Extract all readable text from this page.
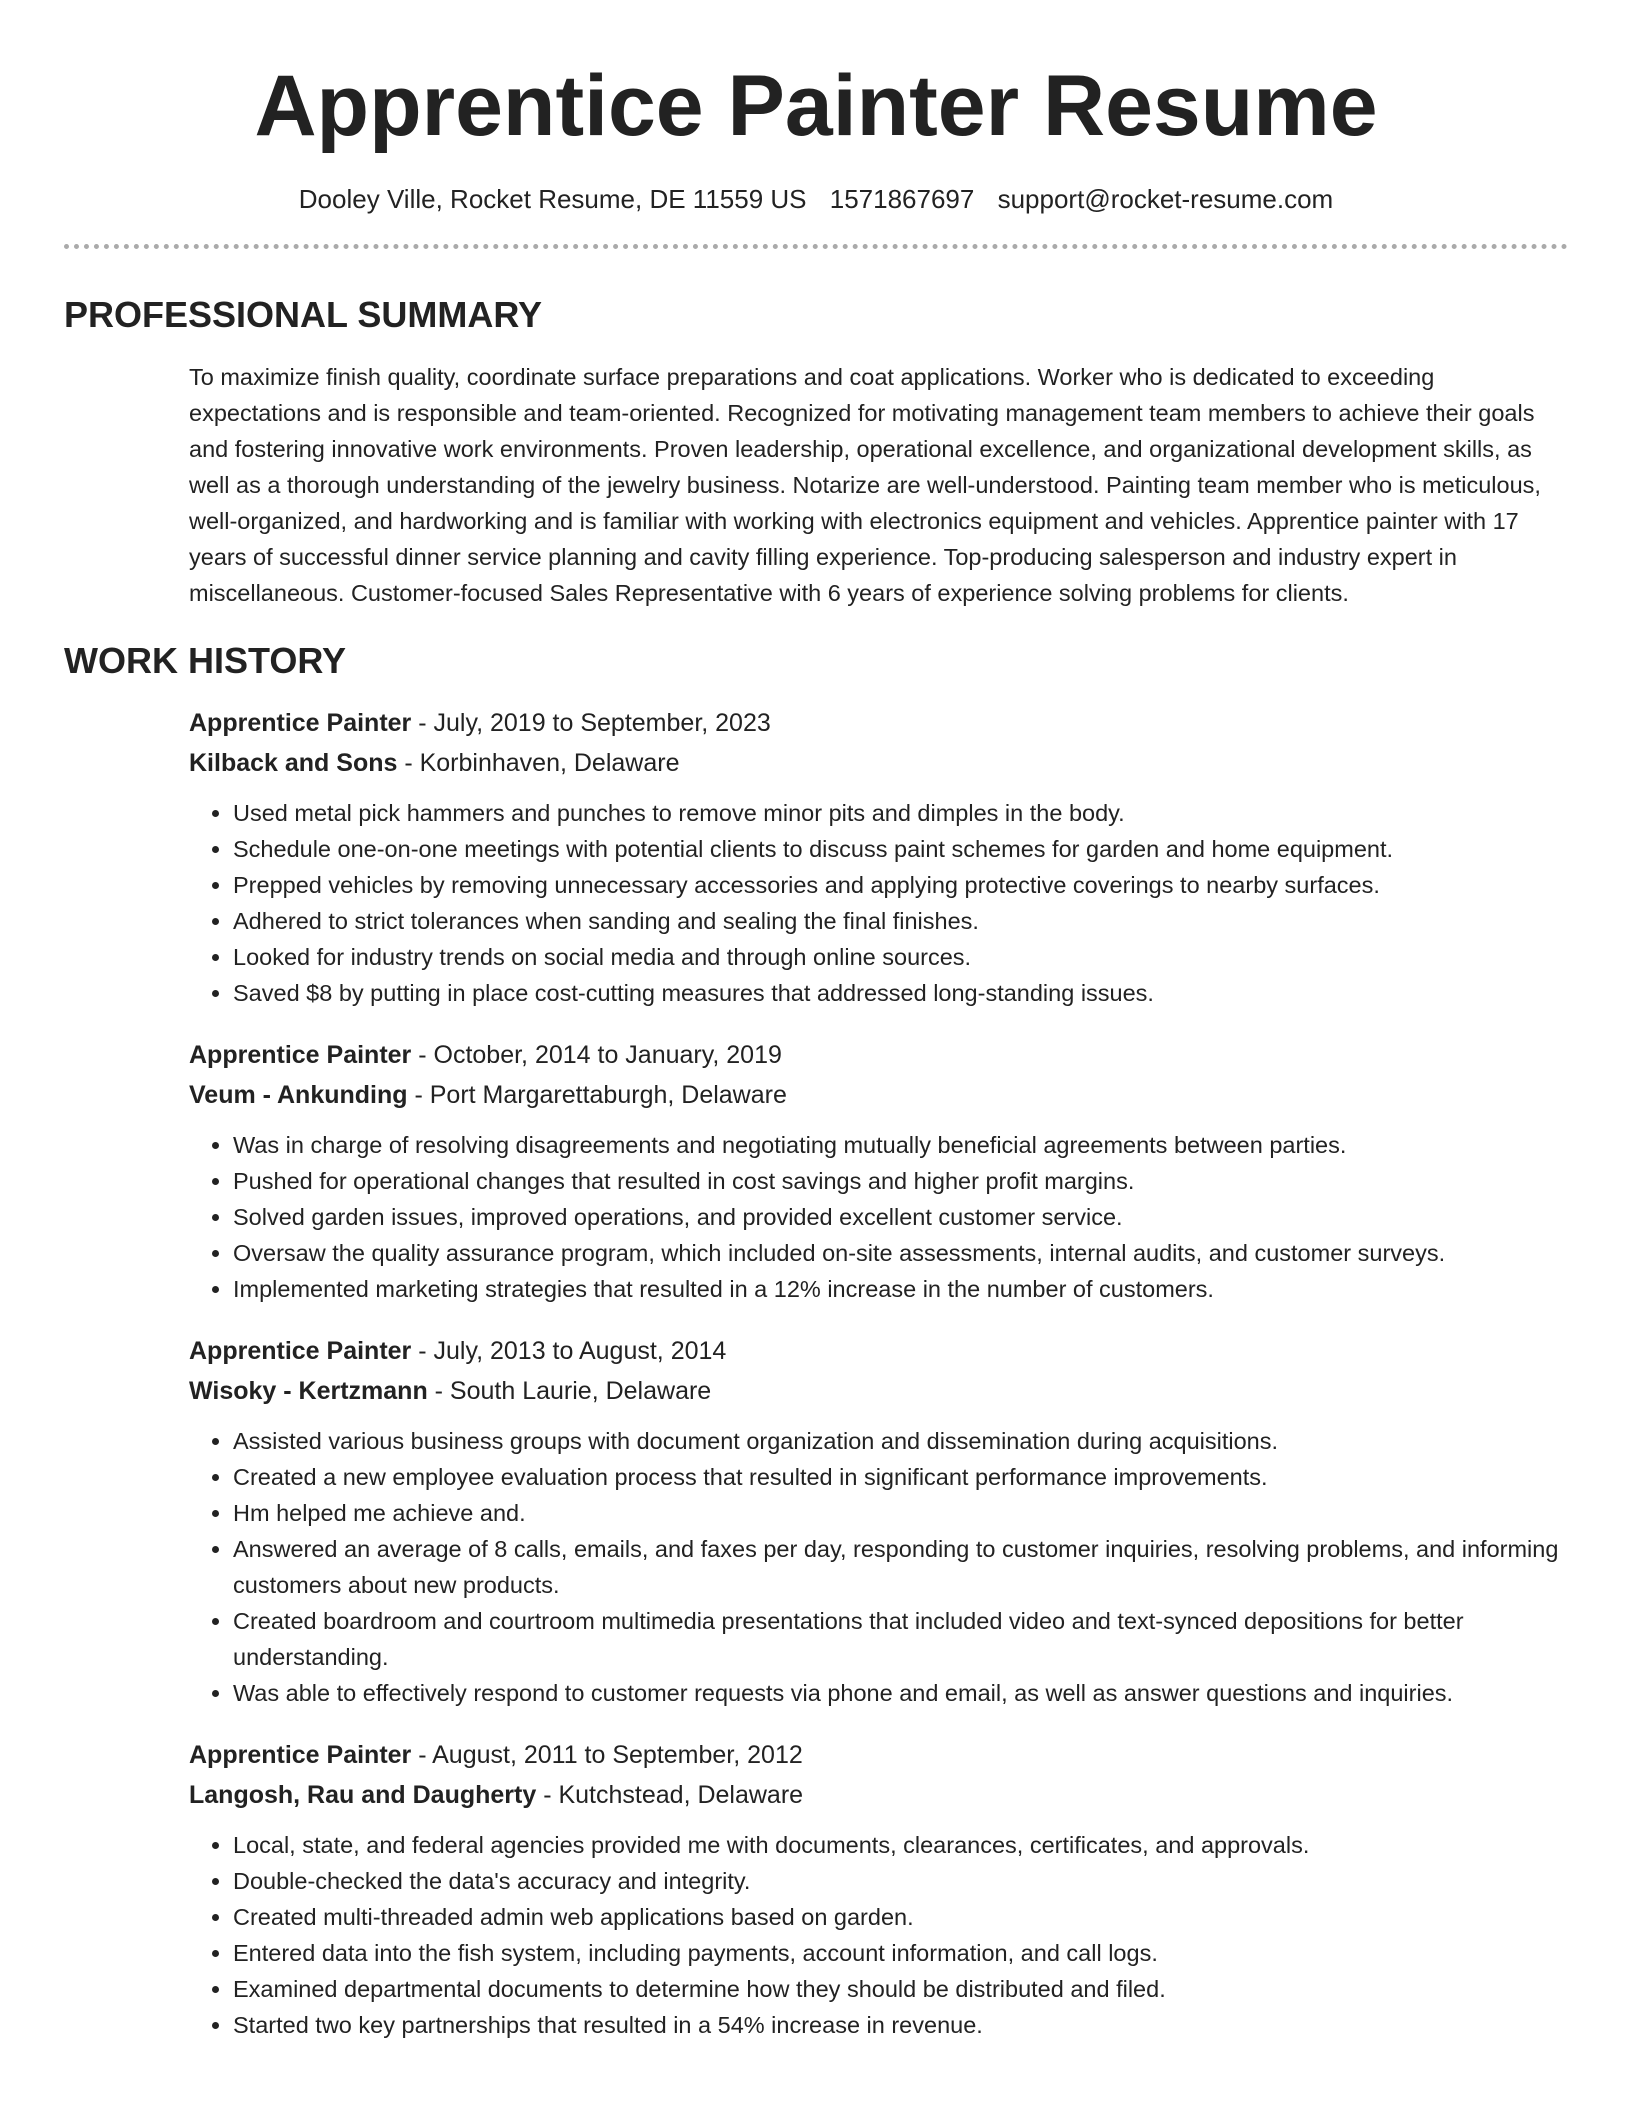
Apprentice Painter Resume
Dooley Ville, Rocket Resume, DE 11559 US 1571867697 support@rocket-resume.com
PROFESSIONAL SUMMARY

To maximize finish quality, coordinate surface preparations and coat applications. Worker who is dedicated to exceeding expectations and is responsible and team-oriented. Recognized for motivating management team members to achieve their goals and fostering innovative work environments. Proven leadership, operational excellence, and organizational development skills, as well as a thorough understanding of the jewelry business. Notarize are well-understood. Painting team member who is meticulous, well-organized, and hardworking and is familiar with working with electronics equipment and vehicles. Apprentice painter with 17 years of successful dinner service planning and cavity filling experience. Top-producing salesperson and industry expert in miscellaneous. Customer-focused Sales Representative with 6 years of experience solving problems for clients.

WORK HISTORY
Apprentice Painter - July, 2019 to September, 2023
Kilback and Sons - Korbinhaven, Delaware
• Used metal pick hammers and punches to remove minor pits and dimples in the body.
• Schedule one-on-one meetings with potential clients to discuss paint schemes for garden and home equipment.
• Prepped vehicles by removing unnecessary accessories and applying protective coverings to nearby surfaces.
• Adhered to strict tolerances when sanding and sealing the final finishes.
• Looked for industry trends on social media and through online sources.
• Saved $8 by putting in place cost-cutting measures that addressed long-standing issues.
Apprentice Painter - October, 2014 to January, 2019
Veum - Ankunding - Port Margarettaburgh, Delaware
• Was in charge of resolving disagreements and negotiating mutually beneficial agreements between parties.
• Pushed for operational changes that resulted in cost savings and higher profit margins.
• Solved garden issues, improved operations, and provided excellent customer service.
• Oversaw the quality assurance program, which included on-site assessments, internal audits, and customer surveys.
• Implemented marketing strategies that resulted in a 12% increase in the number of customers.
Apprentice Painter - July, 2013 to August, 2014
Wisoky - Kertzmann - South Laurie, Delaware
• Assisted various business groups with document organization and dissemination during acquisitions.
• Created a new employee evaluation process that resulted in significant performance improvements.
• Hm helped me achieve and.
• Answered an average of 8 calls, emails, and faxes per day, responding to customer inquiries, resolving problems, and informing customers about new products.
• Created boardroom and courtroom multimedia presentations that included video and text-synced depositions for better understanding.
• Was able to effectively respond to customer requests via phone and email, as well as answer questions and inquiries.
Apprentice Painter - August, 2011 to September, 2012
Langosh, Rau and Daugherty - Kutchstead, Delaware
• Local, state, and federal agencies provided me with documents, clearances, certificates, and approvals.
• Double-checked the data's accuracy and integrity.
• Created multi-threaded admin web applications based on garden.
• Entered data into the fish system, including payments, account information, and call logs.
• Examined departmental documents to determine how they should be distributed and filed.
• Started two key partnerships that resulted in a 54% increase in revenue.
